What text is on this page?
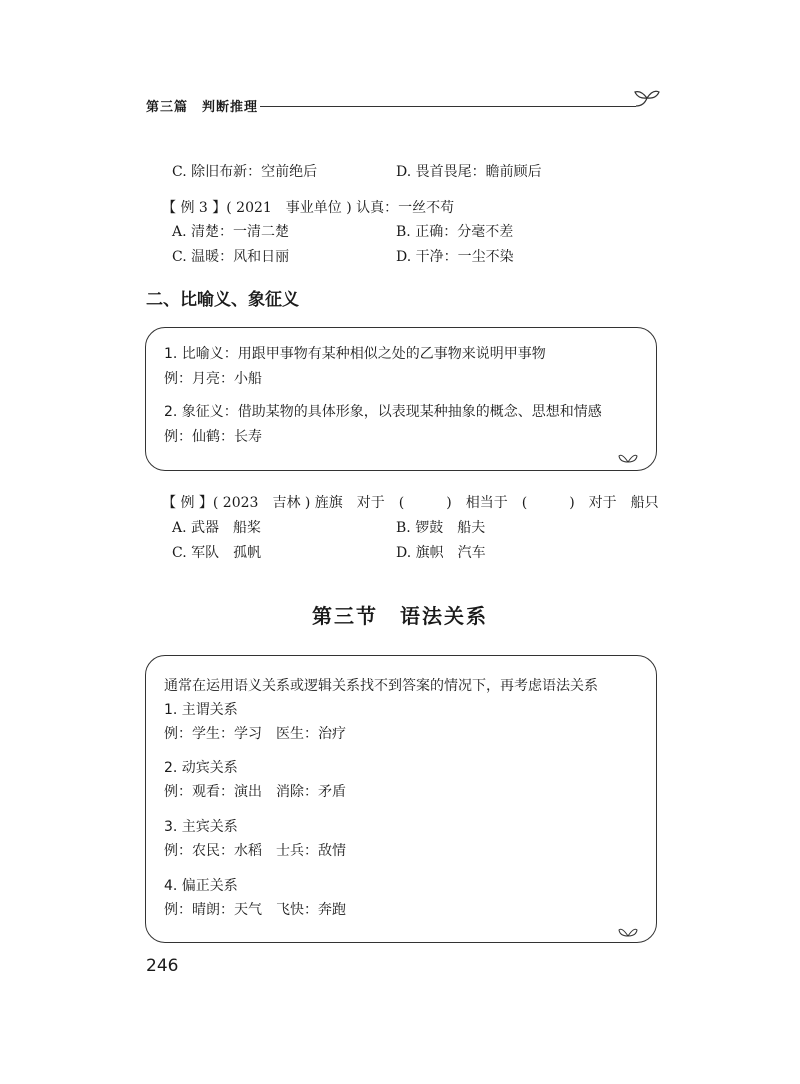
第三篇　判断推理
C. 除旧布新：空前绝后	D. 畏首畏尾：瞻前顾后
【 例 3 】( 2021　事业单位 ) 认真：一丝不苟
A. 清楚：一清二楚	B. 正确：分毫不差
C. 温暖：风和日丽	D. 干净：一尘不染
二、比喻义、象征义
1. 比喻义：用跟甲事物有某种相似之处的乙事物来说明甲事物
例：月亮：小船
2. 象征义：借助某物的具体形象，以表现某种抽象的概念、思想和情感
例：仙鹤：长寿
【 例 】( 2023　吉林 ) 旌旗　对于　(　　　)　相当于　(　　　)　对于　船只
A. 武器　船桨	B. 锣鼓　船夫
C. 军队　孤帆	D. 旗帜　汽车
第三节　语法关系
通常在运用语义关系或逻辑关系找不到答案的情况下，再考虑语法关系
1. 主谓关系
例：学生：学习　医生：治疗
2. 动宾关系
例：观看：演出　消除：矛盾
3. 主宾关系
例：农民：水稻　士兵：敌情
4. 偏正关系
例：晴朗：天气　飞快：奔跑
246
